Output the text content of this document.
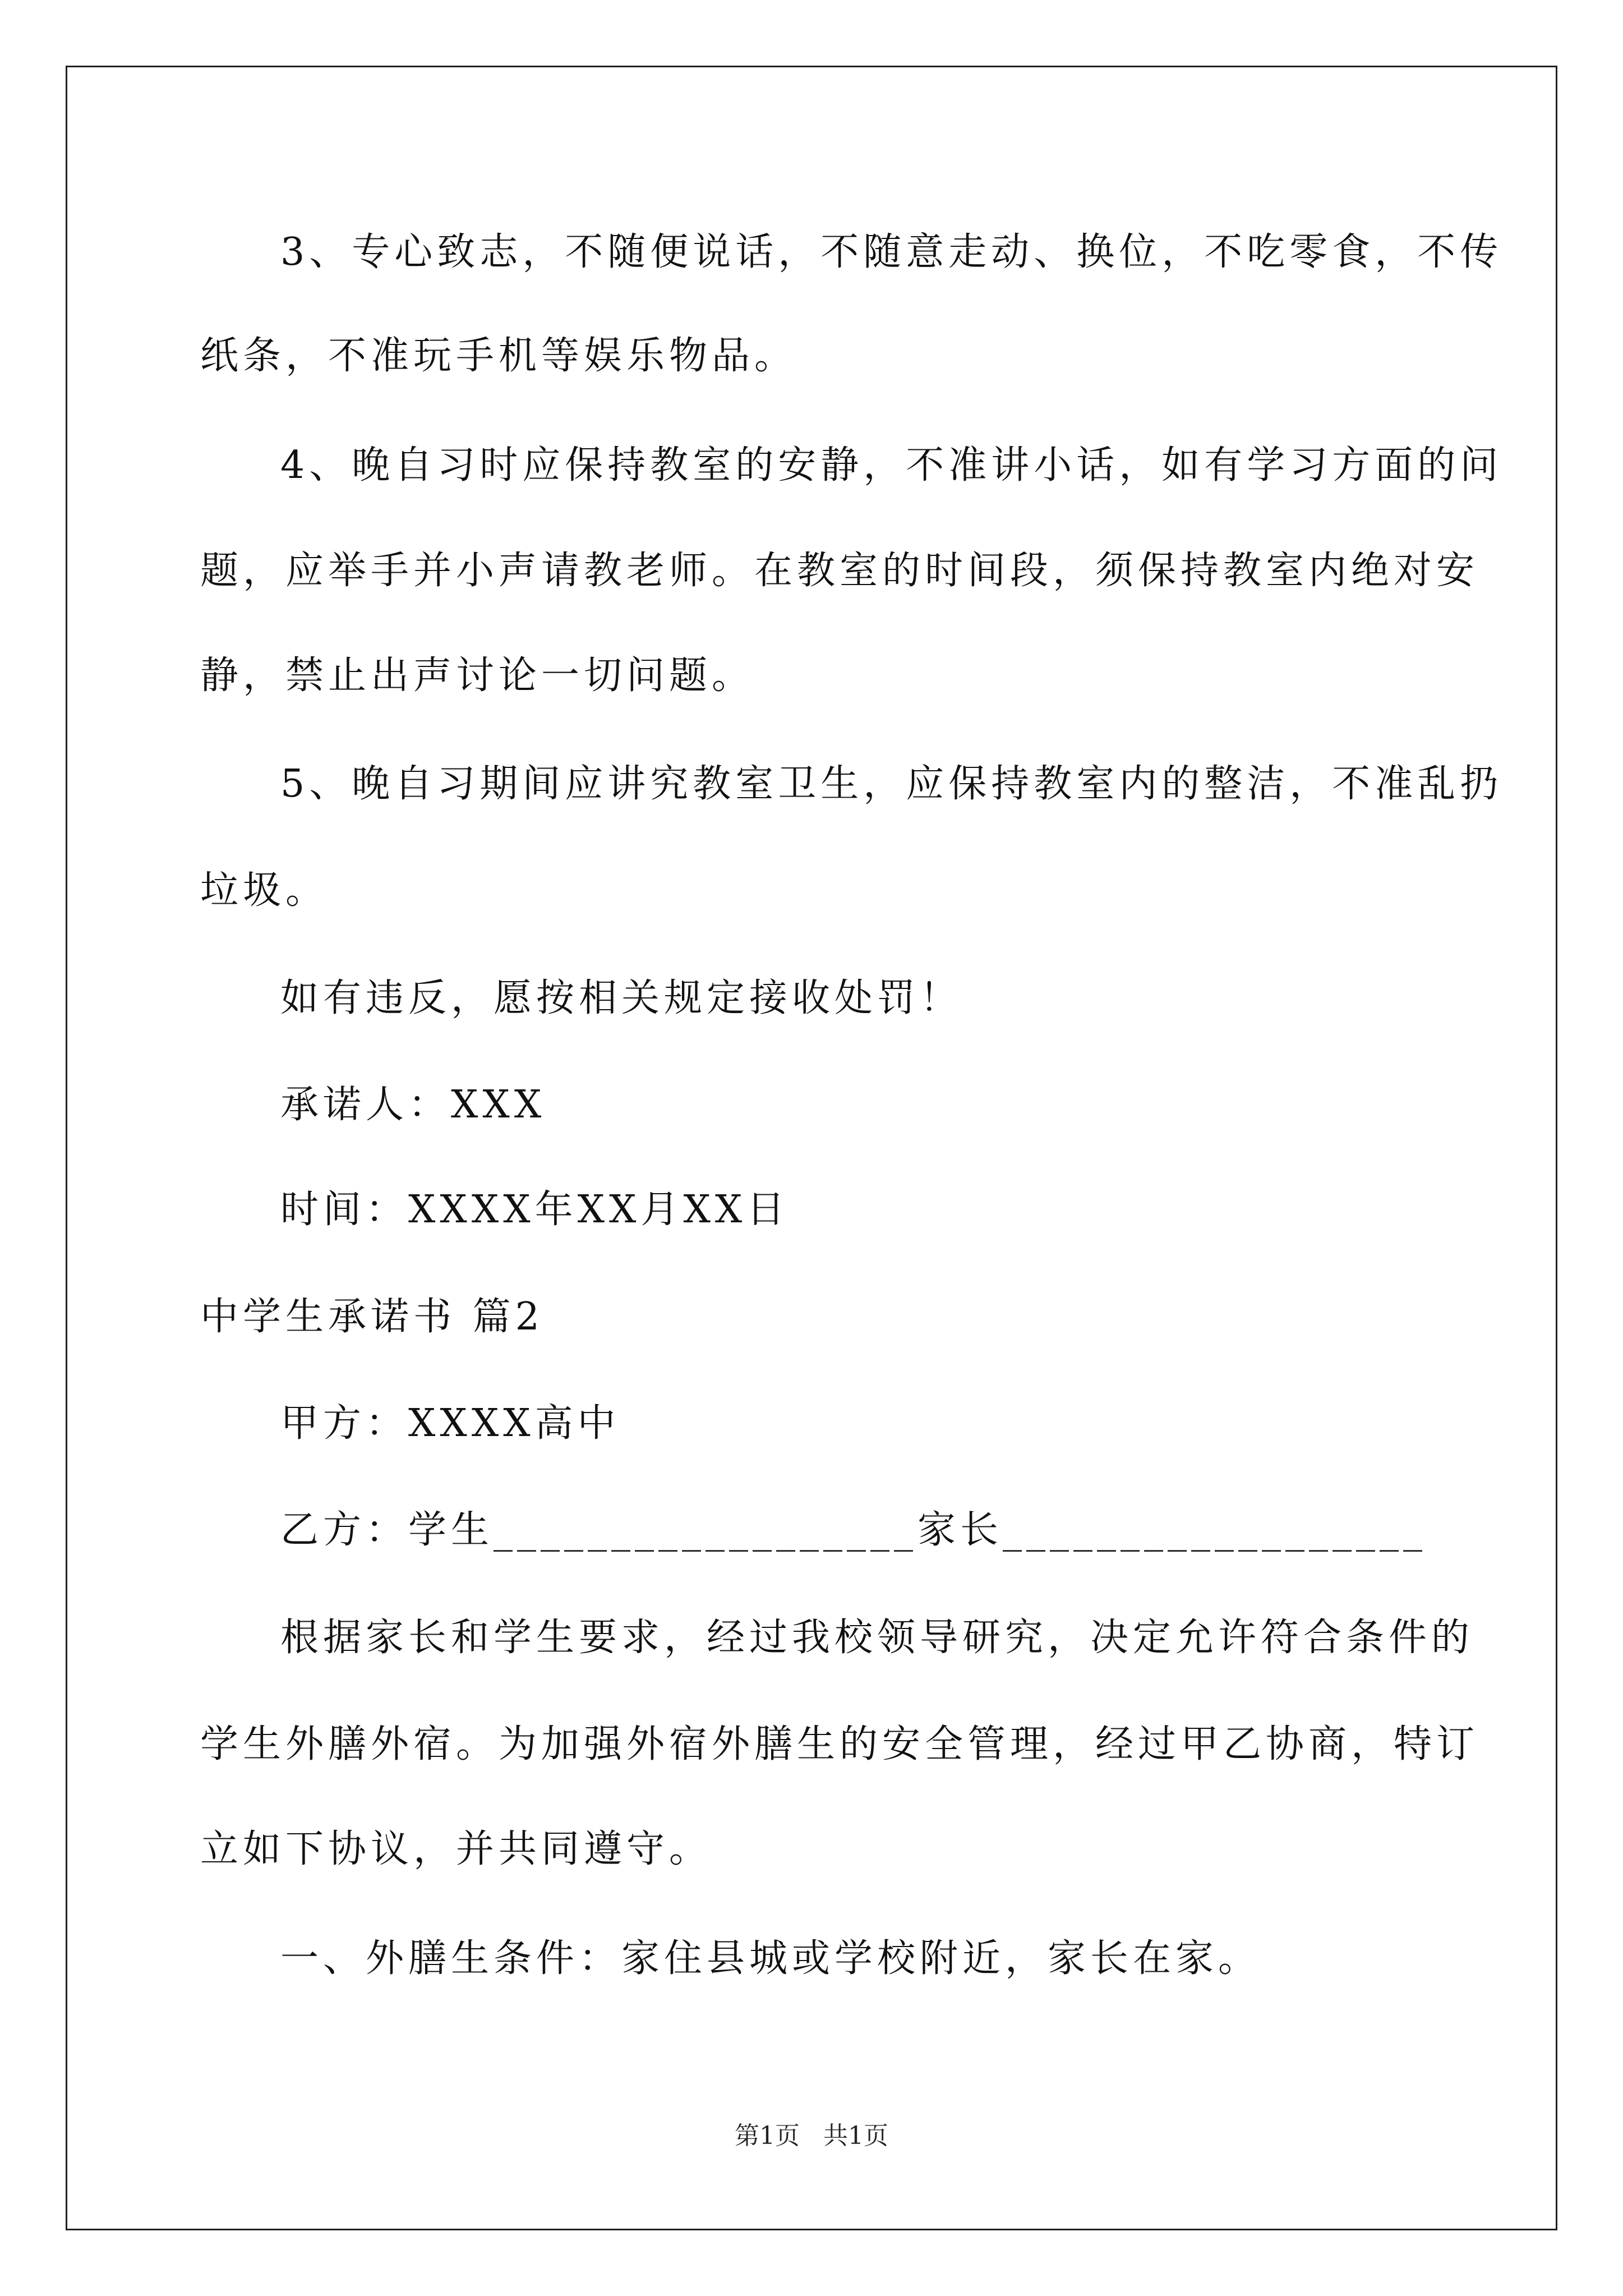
3、专心致志，不随便说话，不随意走动、换位，不吃零食，不传
纸条，不准玩手机等娱乐物品。
4、晚自习时应保持教室的安静，不准讲小话，如有学习方面的问
题，应举手并小声请教老师。在教室的时间段，须保持教室内绝对安
静，禁止出声讨论一切问题。
5、晚自习期间应讲究教室卫生，应保持教室内的整洁，不准乱扔
垃圾。
如有违反，愿按相关规定接收处罚！
承诺人：XXX
时间：XXXX年XX月XX日
中学生承诺书 篇2
甲方：XXXX高中
乙方：学生__________________家长__________________
根据家长和学生要求，经过我校领导研究，决定允许符合条件的
学生外膳外宿。为加强外宿外膳生的安全管理，经过甲乙协商，特订
立如下协议，并共同遵守。
一、外膳生条件：家住县城或学校附近，家长在家。
第1页 共1页
